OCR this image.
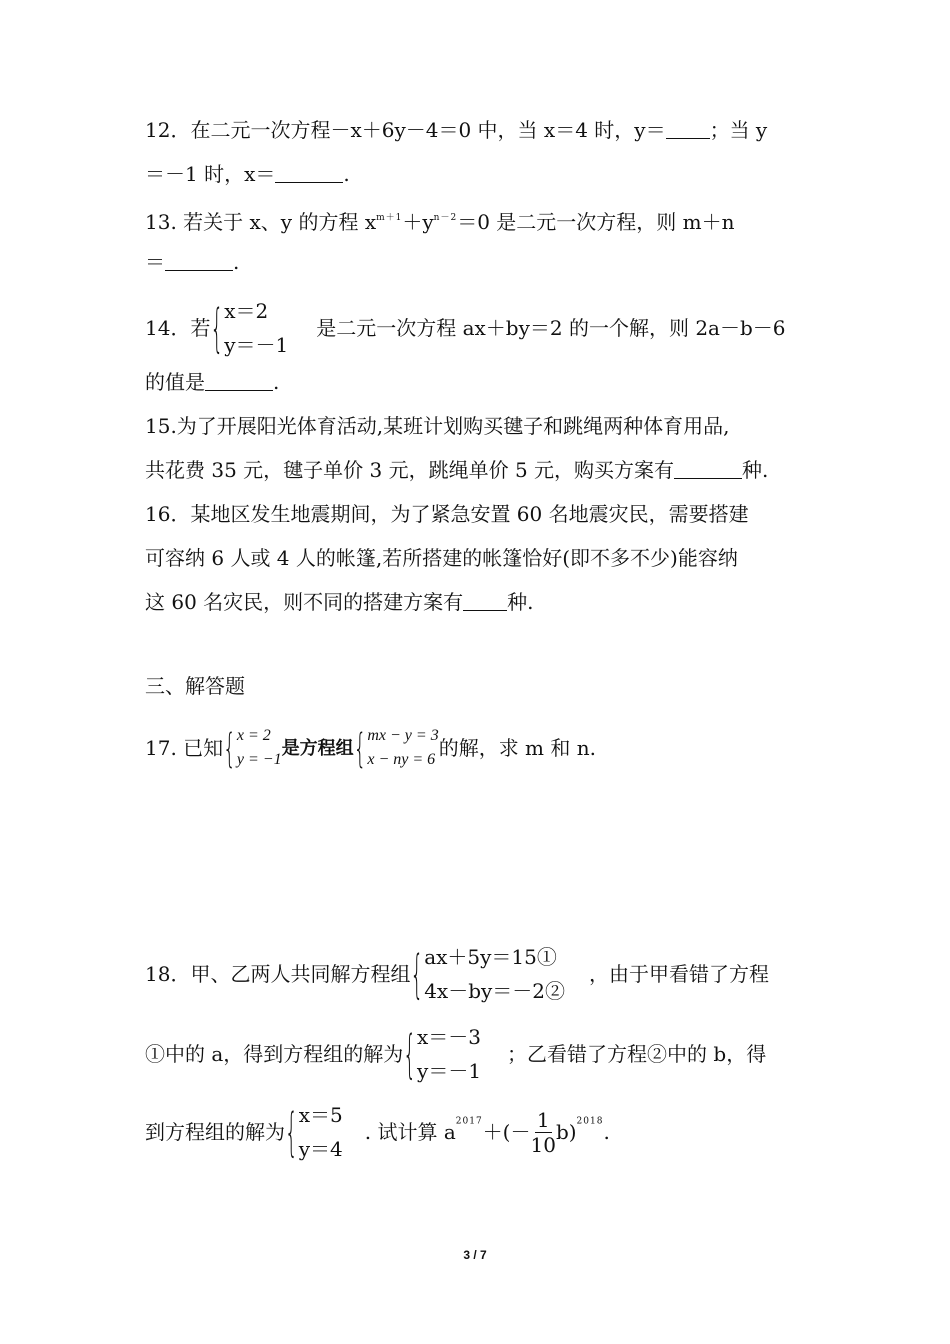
12．在二元一次方程－x＋6y－4＝0 中，当 x＝4 时，y＝ ；当 y
＝－1 时，x＝	.
13. 若关于 x、y 的方程 $x^{m+1}+y^{n-2}=0$ 是二元一次方程，则 m＋n
＝	.
14．若 { x＝2
y＝－1
是二元一次方程 ax＋by＝2 的一个解，则 2a－b－6
的值是	.
15.为了开展阳光体育活动,某班计划购买毽子和跳绳两种体育用品,
共花费 35 元，毽子单价 3 元，跳绳单价 5 元，购买方案有	种.
16．某地区发生地震期间，为了紧急安置 60 名地震灾民，需要搭建
可容纳 6 人或 4 人的帐篷,若所搭建的帐篷恰好(即不多不少)能容纳
这 60 名灾民，则不同的搭建方案有 种.
三、解答题
17. 已知 { x = 2
y = −1
是方程组 { mx − y = 3
x − ny = 6 的解，求 m 和 n.
18．甲、乙两人共同解方程组 { ax＋5y＝15①
4x－by＝－2②
，由于甲看错了方程
①中的 a，得到方程组的解为 { x＝－3
y＝－1
；乙看错了方程②中的 b，得
到方程组的解为 { x＝5
y＝4
. 试计算 $a^{2017}+(- \frac{1}{10} b)^{2018}$.
3 / 7
